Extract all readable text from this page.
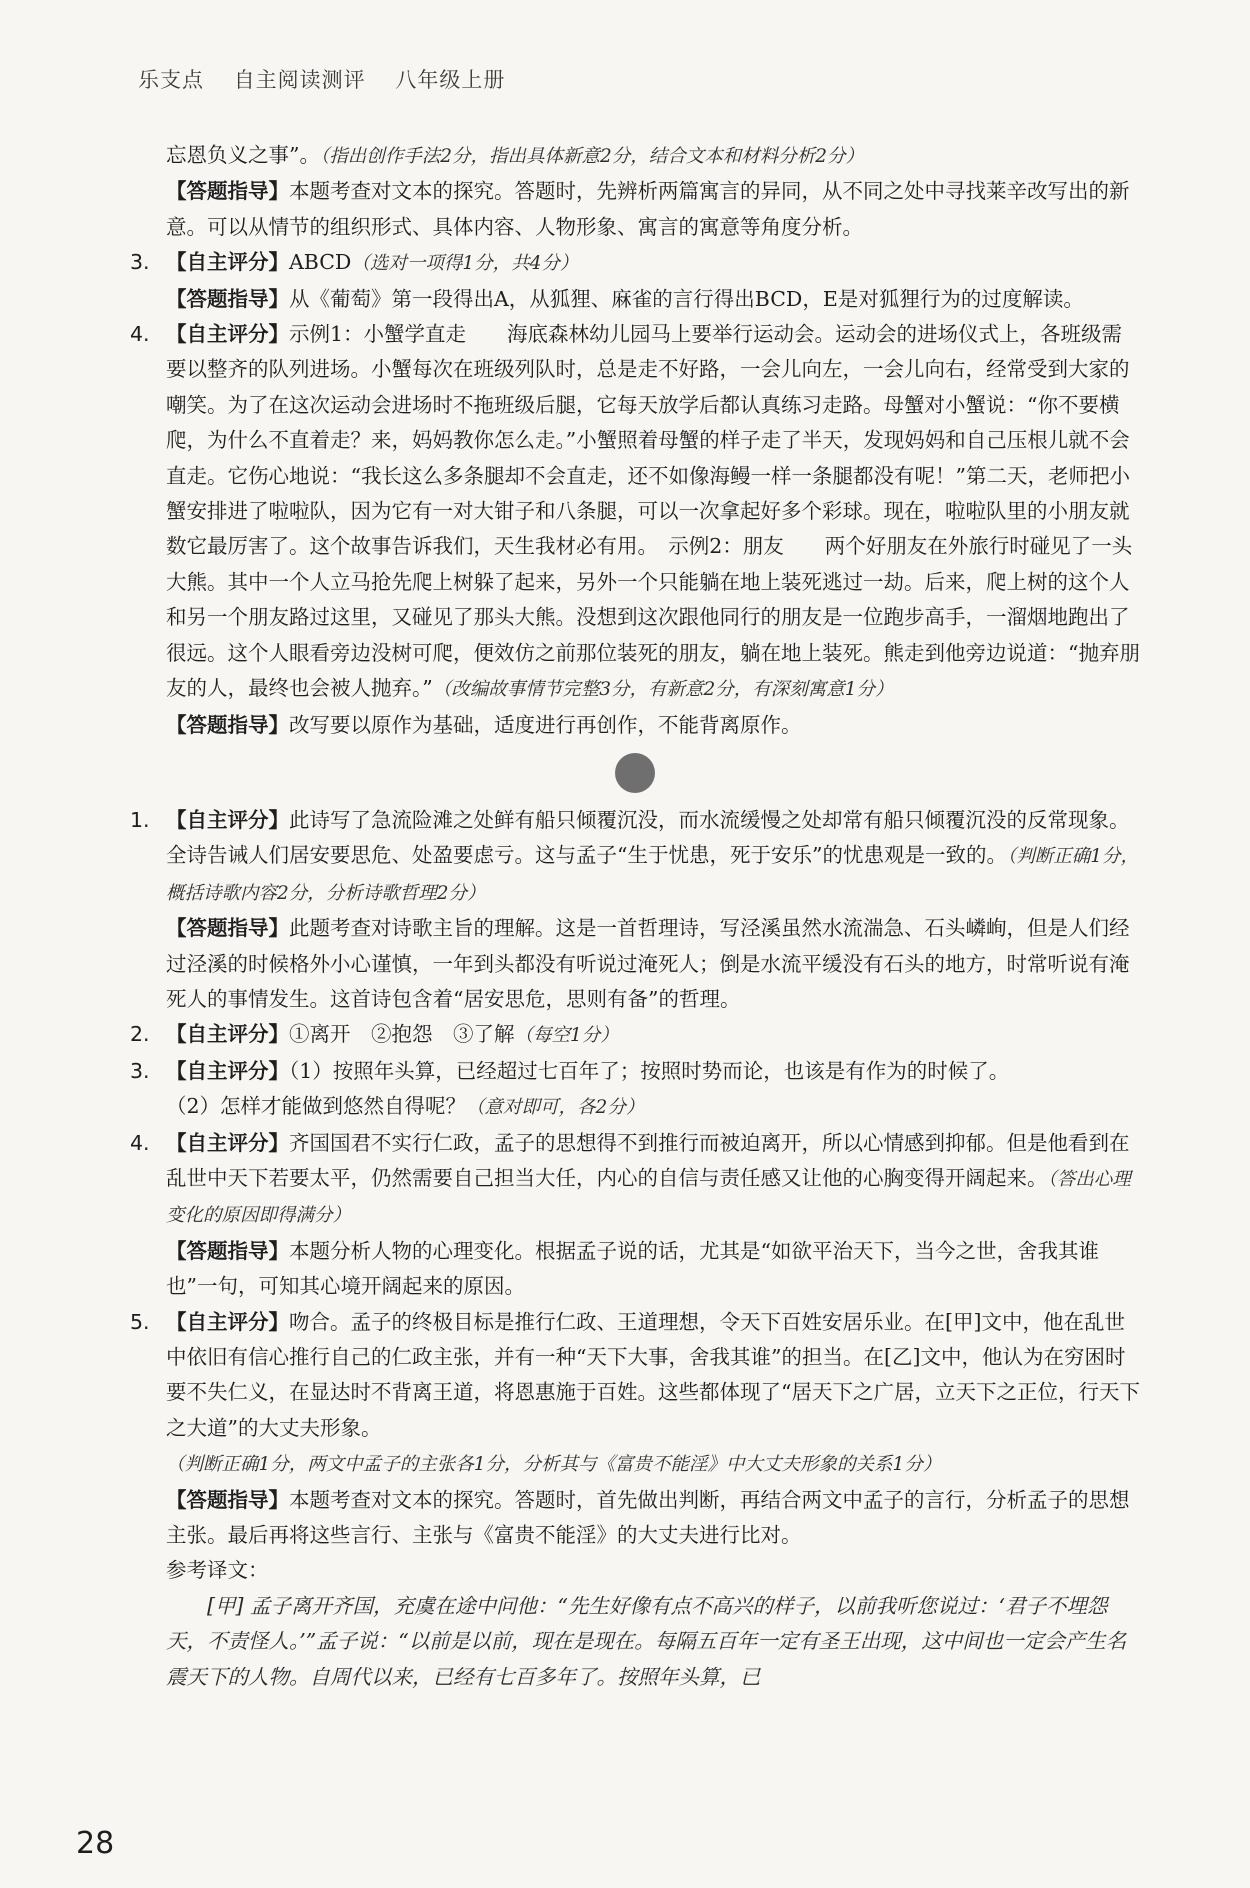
乐支点 自主阅读测评 八年级上册

忘恩负义之事”。（指出创作手法2分，指出具体新意2分，结合文本和材料分析2分）

【答题指导】本题考查对文本的探究。答题时，先辨析两篇寓言的异同，从不同之处中寻找莱辛改写出的新意。可以从情节的组织形式、具体内容、人物形象、寓言的寓意等角度分析。

3. 【自主评分】ABCD（选对一项得1分，共4分）

【答题指导】从《葡萄》第一段得出A，从狐狸、麻雀的言行得出BCD，E是对狐狸行为的过度解读。

4. 【自主评分】示例1：小蟹学直走　　海底森林幼儿园马上要举行运动会。运动会的进场仪式上，各班级需要以整齐的队列进场。小蟹每次在班级列队时，总是走不好路，一会儿向左，一会儿向右，经常受到大家的嘲笑。为了在这次运动会进场时不拖班级后腿，它每天放学后都认真练习走路。母蟹对小蟹说：“你不要横爬，为什么不直着走？来，妈妈教你怎么走。”小蟹照着母蟹的样子走了半天，发现妈妈和自己压根儿就不会直走。它伤心地说：“我长这么多条腿却不会直走，还不如像海鳗一样一条腿都没有呢！”第二天，老师把小蟹安排进了啦啦队，因为它有一对大钳子和八条腿，可以一次拿起好多个彩球。现在，啦啦队里的小朋友就数它最厉害了。这个故事告诉我们，天生我材必有用。　示例2：朋友　　两个好朋友在外旅行时碰见了一头大熊。其中一个人立马抢先爬上树躲了起来，另外一个只能躺在地上装死逃过一劫。后来，爬上树的这个人和另一个朋友路过这里，又碰见了那头大熊。没想到这次跟他同行的朋友是一位跑步高手，一溜烟地跑出了很远。这个人眼看旁边没树可爬，便效仿之前那位装死的朋友，躺在地上装死。熊走到他旁边说道：“抛弃朋友的人，最终也会被人抛弃。”（改编故事情节完整3分，有新意2分，有深刻寓意1分）

【答题指导】改写要以原作为基础，适度进行再创作，不能背离原作。

1. 【自主评分】此诗写了急流险滩之处鲜有船只倾覆沉没，而水流缓慢之处却常有船只倾覆沉没的反常现象。全诗告诫人们居安要思危、处盈要虑亏。这与孟子“生于忧患，死于安乐”的忧患观是一致的。（判断正确1分，概括诗歌内容2分，分析诗歌哲理2分）

【答题指导】此题考查对诗歌主旨的理解。这是一首哲理诗，写泾溪虽然水流湍急、石头嶙峋，但是人们经过泾溪的时候格外小心谨慎，一年到头都没有听说过淹死人；倒是水流平缓没有石头的地方，时常听说有淹死人的事情发生。这首诗包含着“居安思危，思则有备”的哲理。

2. 【自主评分】①离开　②抱怨　③了解（每空1分）

3. 【自主评分】（1）按照年头算，已经超过七百年了；按照时势而论，也该是有作为的时候了。

（2）怎样才能做到悠然自得呢？（意对即可，各2分）

4. 【自主评分】齐国国君不实行仁政，孟子的思想得不到推行而被迫离开，所以心情感到抑郁。但是他看到在乱世中天下若要太平，仍然需要自己担当大任，内心的自信与责任感又让他的心胸变得开阔起来。（答出心理变化的原因即得满分）

【答题指导】本题分析人物的心理变化。根据孟子说的话，尤其是“如欲平治天下，当今之世，舍我其谁也”一句，可知其心境开阔起来的原因。

5. 【自主评分】吻合。孟子的终极目标是推行仁政、王道理想，令天下百姓安居乐业。在[甲]文中，他在乱世中依旧有信心推行自己的仁政主张，并有一种“天下大事，舍我其谁”的担当。在[乙]文中，他认为在穷困时要不失仁义，在显达时不背离王道，将恩惠施于百姓。这些都体现了“居天下之广居，立天下之正位，行天下之大道”的大丈夫形象。（判断正确1分，两文中孟子的主张各1分，分析其与《富贵不能淫》中大丈夫形象的关系1分）

【答题指导】本题考查对文本的探究。答题时，首先做出判断，再结合两文中孟子的言行，分析孟子的思想主张。最后再将这些言行、主张与《富贵不能淫》的大丈夫进行比对。

参考译文：

[甲] 孟子离开齐国，充虞在途中问他：“先生好像有点不高兴的样子，以前我听您说过：‘君子不埋怨天，不责怪人。’”孟子说：“以前是以前，现在是现在。每隔五百年一定有圣王出现，这中间也一定会产生名震天下的人物。自周代以来，已经有七百多年了。按照年头算，已

28
